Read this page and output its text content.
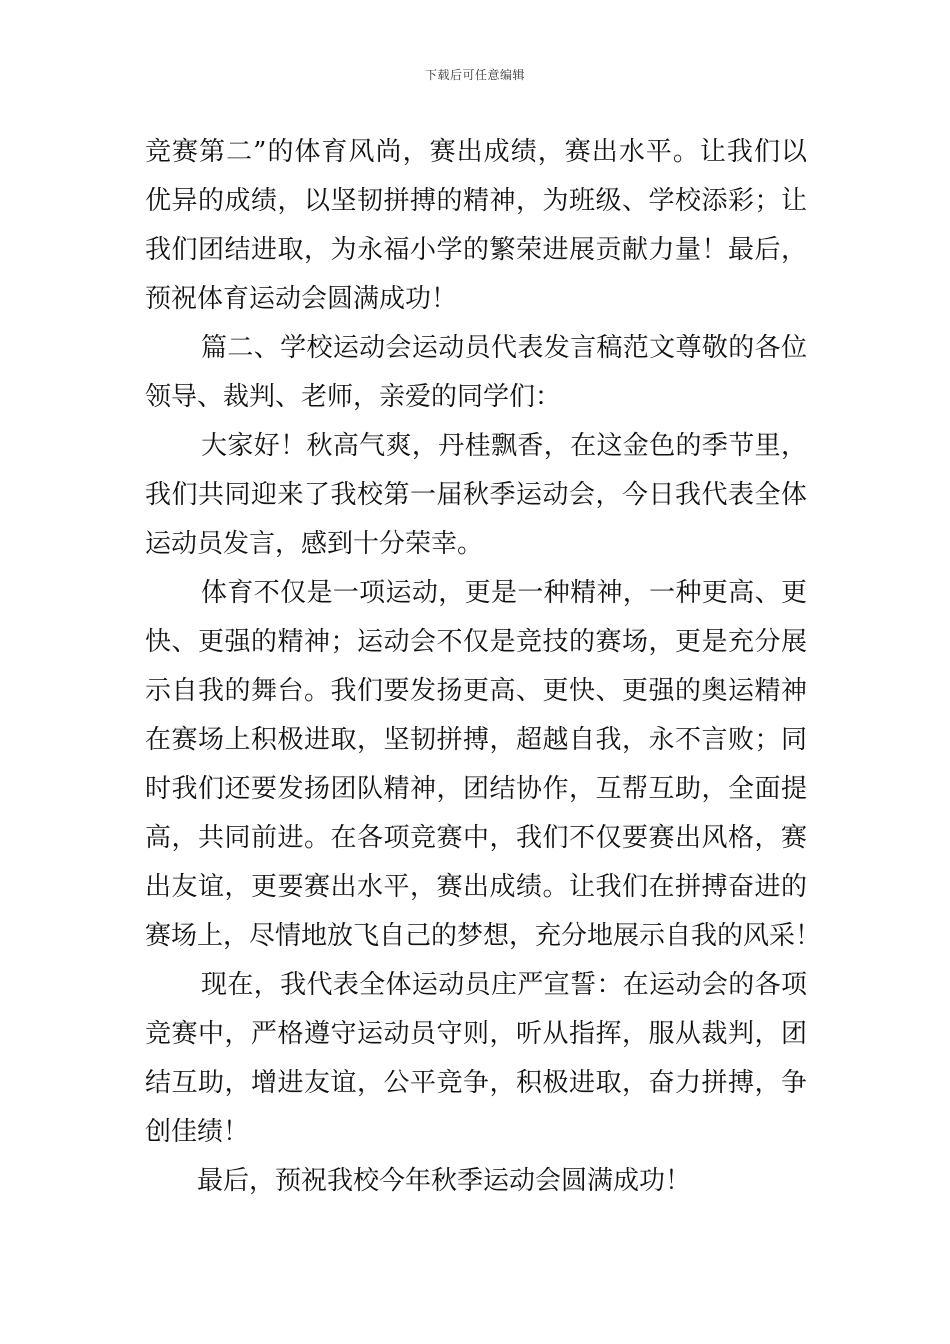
下载后可任意编辑
竞赛第二”的体育风尚，赛出成绩，赛出水平。让我们以
优异的成绩，以坚韧拼搏的精神，为班级、学校添彩；让
我们团结进取，为永福小学的繁荣进展贡献力量！最后，
预祝体育运动会圆满成功！
篇二、学校运动会运动员代表发言稿范文尊敬的各位
领导、裁判、老师，亲爱的同学们：
大家好！秋高气爽，丹桂飘香，在这金色的季节里，
我们共同迎来了我校第一届秋季运动会，今日我代表全体
运动员发言，感到十分荣幸。
体育不仅是一项运动，更是一种精神，一种更高、更
快、更强的精神；运动会不仅是竞技的赛场，更是充分展
示自我的舞台。我们要发扬更高、更快、更强的奥运精神
在赛场上积极进取，坚韧拼搏，超越自我，永不言败；同
时我们还要发扬团队精神，团结协作，互帮互助，全面提
高，共同前进。在各项竞赛中，我们不仅要赛出风格，赛
出友谊，更要赛出水平，赛出成绩。让我们在拼搏奋进的
赛场上，尽情地放飞自己的梦想，充分地展示自我的风采！
现在，我代表全体运动员庄严宣誓：在运动会的各项
竞赛中，严格遵守运动员守则，听从指挥，服从裁判，团
结互助，增进友谊，公平竞争，积极进取，奋力拼搏，争
创佳绩！
最后，预祝我校今年秋季运动会圆满成功！
